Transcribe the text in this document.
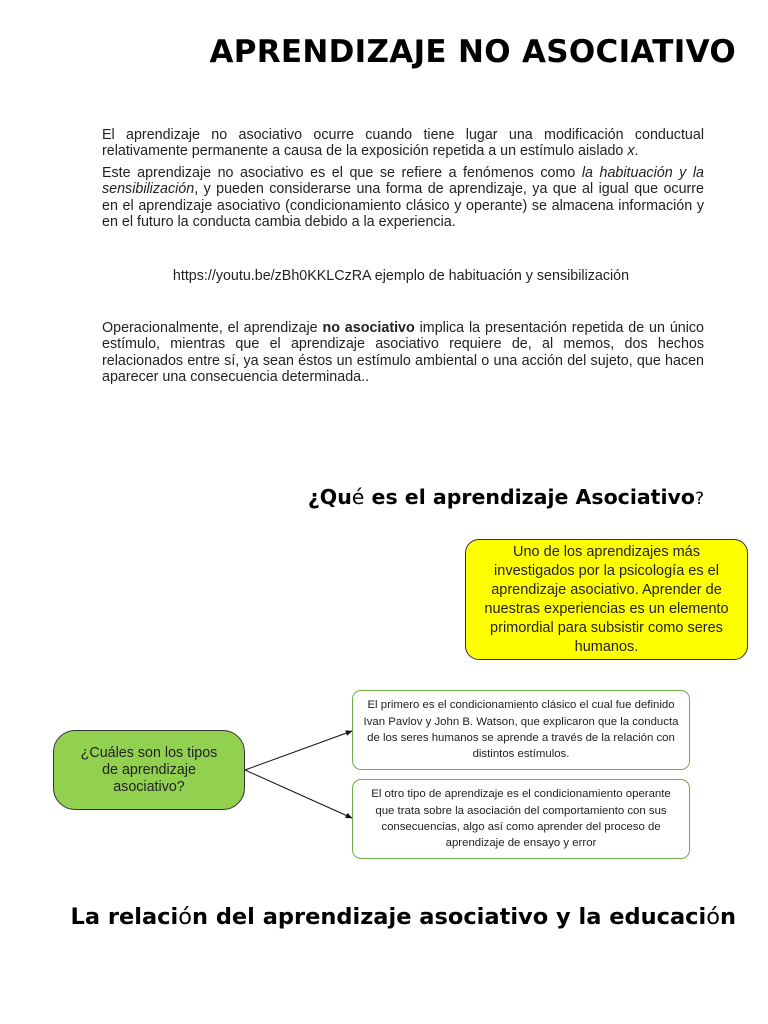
APRENDIZAJE NO ASOCIATIVO

El aprendizaje no asociativo ocurre cuando tiene lugar una modificación conductual relativamente permanente a causa de la exposición repetida a un estímulo aislado x.

Este aprendizaje no asociativo es el que se refiere a fenómenos como la habituación y la sensibilización, y pueden considerarse una forma de aprendizaje, ya que al igual que ocurre en el aprendizaje asociativo (condicionamiento clásico y operante) se almacena información y en el futuro la conducta cambia debido a la experiencia.

https://youtu.be/zBh0KKLCzRA ejemplo de habituación y sensibilización
Operacionalmente, el aprendizaje no asociativo implica la presentación repetida de un único estímulo, mientras que el aprendizaje asociativo requiere de, al memos, dos hechos relacionados entre sí, ya sean éstos un estímulo ambiental o una acción del sujeto, que hacen aparecer una consecuencia determinada..
¿Qué es el aprendizaje Asociativo?
Uno de los aprendizajes más investigados por la psicología es el aprendizaje asociativo. Aprender de nuestras experiencias es un elemento primordial para subsistir como seres humanos.
¿Cuáles son los tipos de aprendizaje asociativo?
El primero es el condicionamiento clásico el cual fue definido Ivan Pavlov y John B. Watson, que explicaron que la conducta de los seres humanos se aprende a través de la relación con distintos estímulos.
El otro tipo de aprendizaje es el condicionamiento operante que trata sobre la asociación del comportamiento con sus consecuencias, algo así como aprender del proceso de aprendizaje de ensayo y error
La relación del aprendizaje asociativo y la educación
